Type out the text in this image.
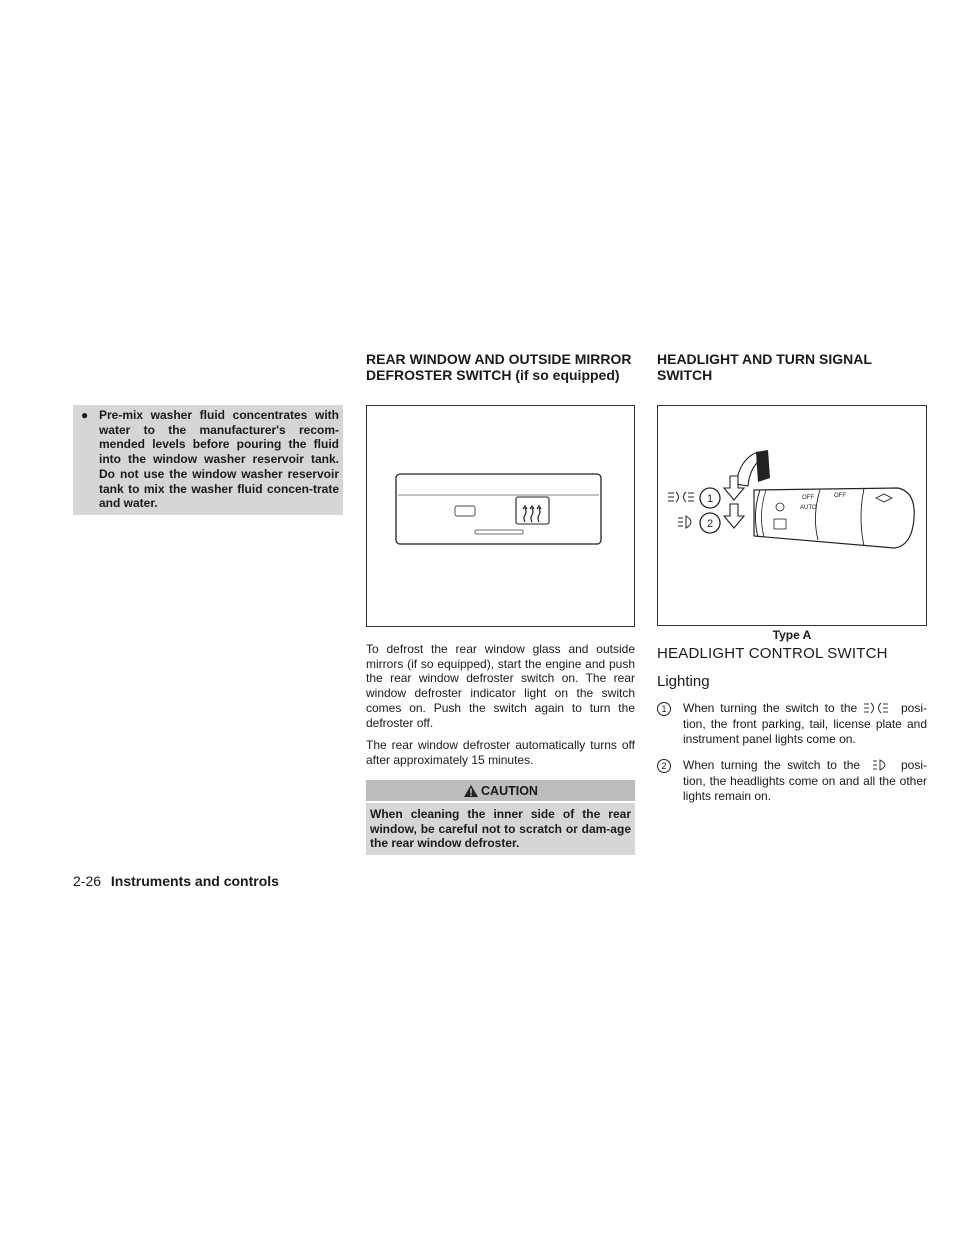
● Pre-mix washer fluid concentrates with water to the manufacturer's recom-mended levels before pouring the fluid into the window washer reservoir tank. Do not use the window washer reservoir tank to mix the washer fluid concen-trate and water.

REAR WINDOW AND OUTSIDE MIRROR DEFROSTER SWITCH (if so equipped)

To defrost the rear window glass and outside mirrors (if so equipped), start the engine and push the rear window defroster switch on. The rear window defroster indicator light on the switch comes on. Push the switch again to turn the defroster off.

The rear window defroster automatically turns off after approximately 15 minutes.

CAUTION
When cleaning the inner side of the rear window, be careful not to scratch or dam-age the rear window defroster.
HEADLIGHT AND TURN SIGNAL SWITCH
OFF
AUTO
OFF
1
2
Type A
HEADLIGHT CONTROL SWITCH
Lighting
1	When turning the switch to the	posi-tion, the front parking, tail, license plate and instrument panel lights come on.
2	When turning the switch to the	posi-tion, the headlights come on and all the other lights remain on.
2-26 Instruments and controls
